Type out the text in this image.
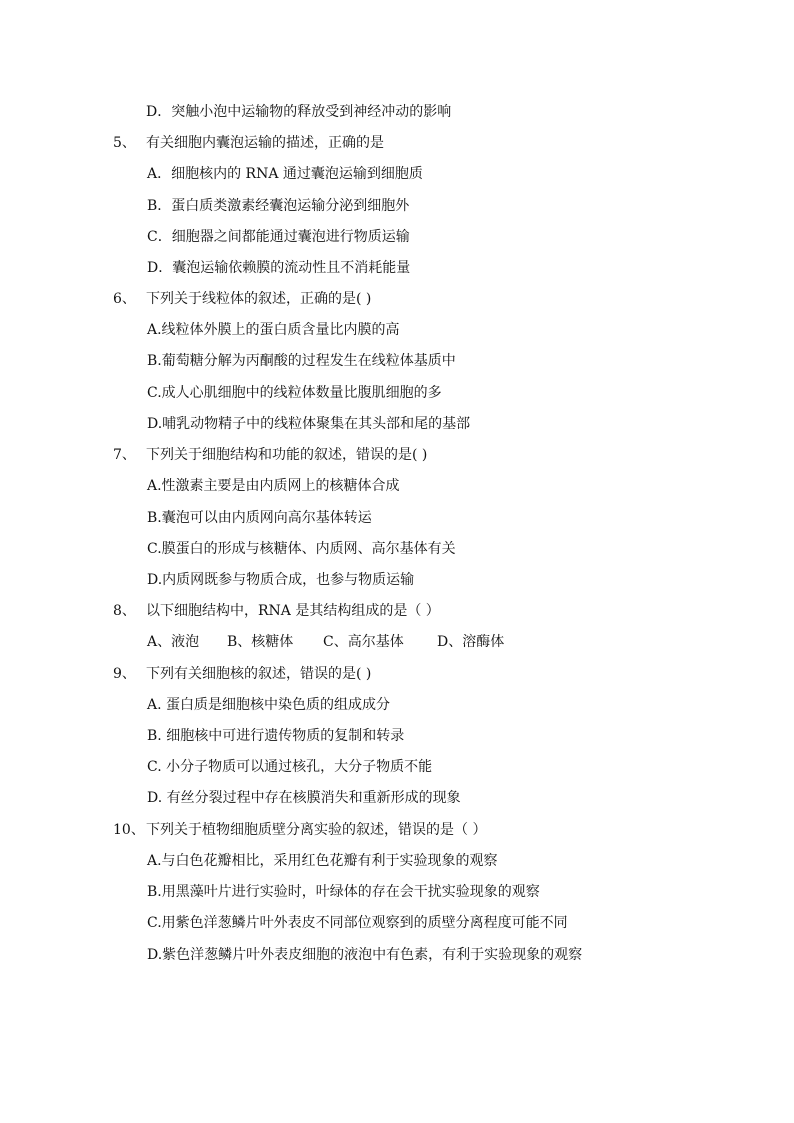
D．突触小泡中运输物的释放受到神经冲动的影响
5、 有关细胞内囊泡运输的描述，正确的是
A．细胞核内的 RNA 通过囊泡运输到细胞质
B．蛋白质类激素经囊泡运输分泌到细胞外
C．细胞器之间都能通过囊泡进行物质运输
D．囊泡运输依赖膜的流动性且不消耗能量
6、 下列关于线粒体的叙述，正确的是( )
A.线粒体外膜上的蛋白质含量比内膜的高
B.葡萄糖分解为丙酮酸的过程发生在线粒体基质中
C.成人心肌细胞中的线粒体数量比腹肌细胞的多
D.哺乳动物精子中的线粒体聚集在其头部和尾的基部
7、 下列关于细胞结构和功能的叙述，错误的是( )
A.性激素主要是由内质网上的核糖体合成
B.囊泡可以由内质网向高尔基体转运
C.膜蛋白的形成与核糖体、内质网、高尔基体有关
D.内质网既参与物质合成，也参与物质运输
8、 以下细胞结构中，RNA 是其结构组成的是（ ）
A、液泡 B、核糖体 C、高尔基体 D、溶酶体
9、 下列有关细胞核的叙述，错误的是( )
A. 蛋白质是细胞核中染色质的组成成分
B. 细胞核中可进行遗传物质的复制和转录
C. 小分子物质可以通过核孔，大分子物质不能
D. 有丝分裂过程中存在核膜消失和重新形成的现象
10、 下列关于植物细胞质壁分离实验的叙述，错误的是（ ）
A.与白色花瓣相比，采用红色花瓣有利于实验现象的观察
B.用黑藻叶片进行实验时，叶绿体的存在会干扰实验现象的观察
C.用紫色洋葱鳞片叶外表皮不同部位观察到的质壁分离程度可能不同
D.紫色洋葱鳞片叶外表皮细胞的液泡中有色素，有利于实验现象的观察
